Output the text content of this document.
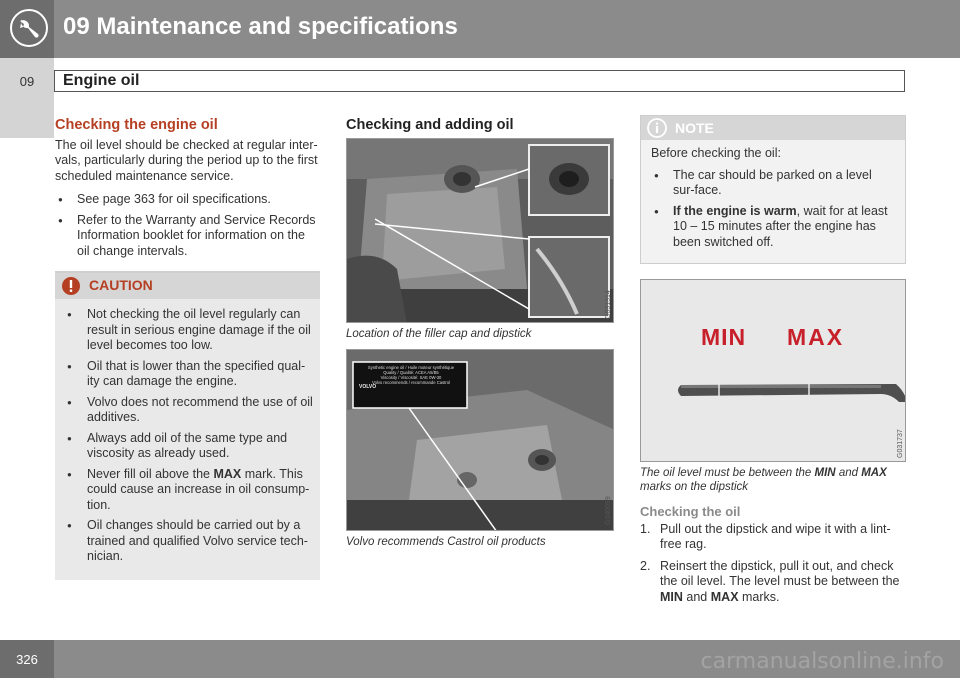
09 Maintenance and specifications
09	Engine oil
Checking the engine oil

The oil level should be checked at regular inter-vals, particularly during the period up to the first scheduled maintenance service.

● See page 363 for oil specifications.
● Refer to the Warranty and Service Records Information booklet for information on the oil change intervals.
CAUTION
● Not checking the oil level regularly can result in serious engine damage if the oil level becomes too low.
● Oil that is lower than the specified qual-ity can damage the engine.
● Volvo does not recommend the use of oil additives.
● Always add oil of the same type and viscosity as already used.
● Never fill oil above the MAX mark. This could cause an increase in oil consump-tion.
● Oil changes should be carried out by a trained and qualified Volvo service tech-nician.
Checking and adding oil
G031314
Location of the filler cap and dipstick
Synthetic engine oil / Huile moteur synthétique
Quality / Qualité: ACEA A5/B5
Viscosity / Viscosité: SAE 0W-30
Volvo recommends / recommande Castrol
VOLVO
G040099
Volvo recommends Castrol oil products
NOTE

Before checking the oil:

● The car should be parked on a level sur-face.
● If the engine is warm, wait for at least 10 – 15 minutes after the engine has been switched off.
MIN MAX
G031737
The oil level must be between the MIN and MAX marks on the dipstick
Checking the oil
1. Pull out the dipstick and wipe it with a lint-free rag.
2. Reinsert the dipstick, pull it out, and check the oil level. The level must be between the MIN and MAX marks.
326	carmanualsonline.info
